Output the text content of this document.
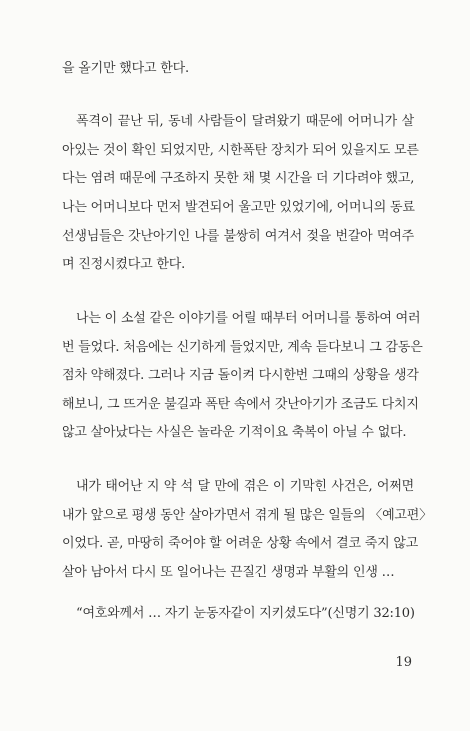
을 올기만 했다고 한다.
폭격이 끝난 뒤, 동네 사람들이 달려왔기 때문에 어머니가 살
아있는 것이 확인 되었지만, 시한폭탄 장치가 되어 있을지도 모른
다는 염려 때문에 구조하지 못한 채 몇 시간을 더 기다려야 했고,
나는 어머니보다 먼저 발견되어 울고만 있었기에, 어머니의 동료
선생님들은 갓난아기인 나를 불쌍히 여겨서 젖을 번갈아 먹여주
며 진정시켰다고 한다.
나는 이 소설 같은 이야기를 어릴 때부터 어머니를 통하여 여러
번 들었다. 처음에는 신기하게 들었지만, 계속 듣다보니 그 감동은
점차 약해졌다. 그러나 지금 돌이켜 다시한번 그때의 상황을 생각
해보니, 그 뜨거운 불길과 폭탄 속에서 갓난아기가 조금도 다치지
않고 살아났다는 사실은 놀라운 기적이요 축복이 아닐 수 없다.
내가 태어난 지 약 석 달 만에 겪은 이 기막힌 사건은, 어쩌면
내가 앞으로 평생 동안 살아가면서 겪게 될 많은 일들의 〈예고편〉
이었다. 곧, 마땅히 죽어야 할 어려운 상황 속에서 결코 죽지 않고
살아 남아서 다시 또 일어나는 끈질긴 생명과 부활의 인생 …
“여호와께서 … 자기 눈동자같이 지키셨도다”(신명기 32:10)
19
